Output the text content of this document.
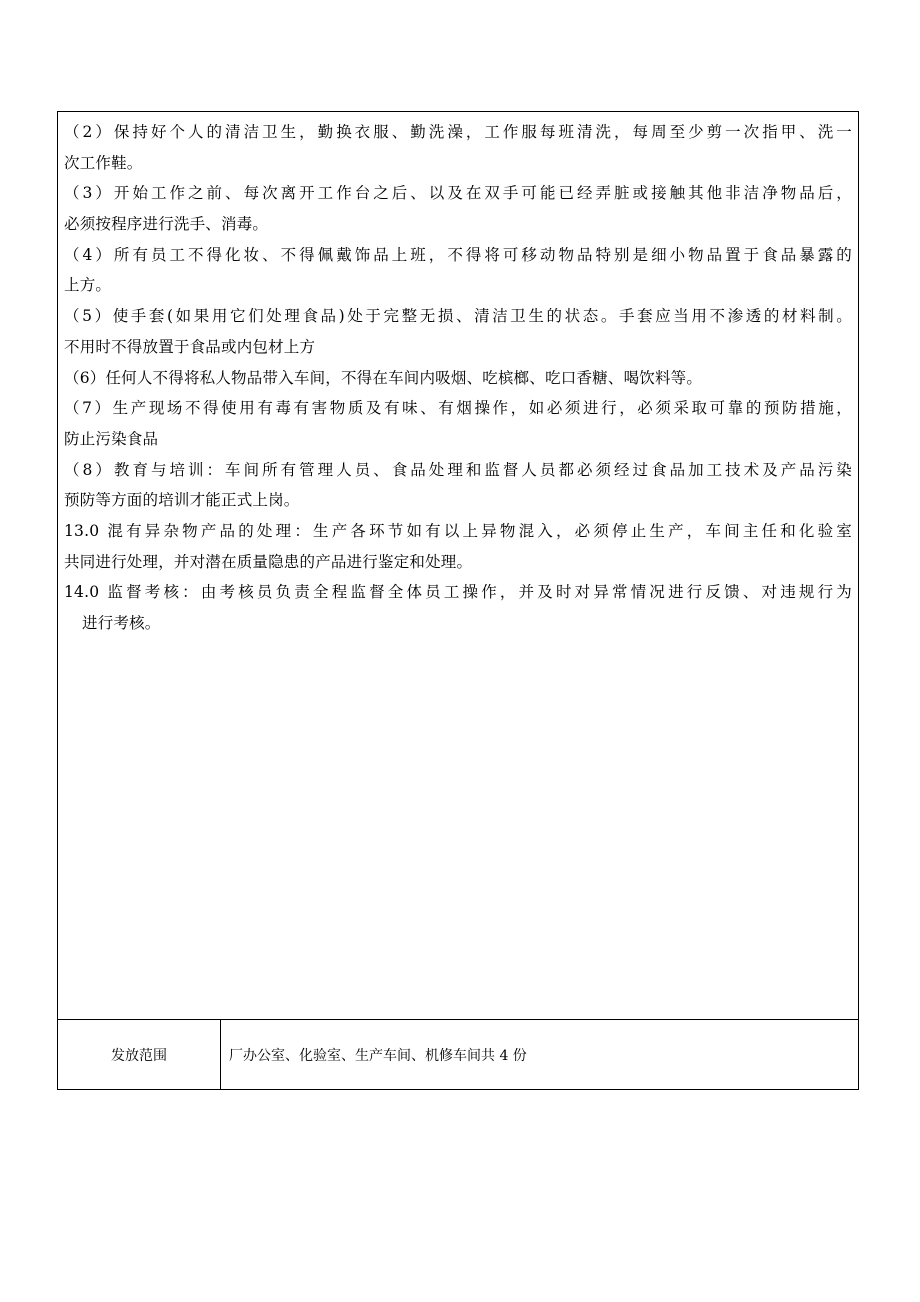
（2）保持好个人的清洁卫生，勤换衣服、勤洗澡，工作服每班清洗，每周至少剪一次指甲、洗一
次工作鞋。
（3）开始工作之前、每次离开工作台之后、以及在双手可能已经弄脏或接触其他非洁净物品后，
必须按程序进行洗手、消毒。
（4）所有员工不得化妆、不得佩戴饰品上班，不得将可移动物品特别是细小物品置于食品暴露的
上方。
（5）使手套(如果用它们处理食品)处于完整无损、清洁卫生的状态。手套应当用不渗透的材料制。
不用时不得放置于食品或内包材上方
（6）任何人不得将私人物品带入车间，不得在车间内吸烟、吃槟榔、吃口香糖、喝饮料等。
（7）生产现场不得使用有毒有害物质及有味、有烟操作，如必须进行，必须采取可靠的预防措施，
防止污染食品
（8）教育与培训：车间所有管理人员、食品处理和监督人员都必须经过食品加工技术及产品污染
预防等方面的培训才能正式上岗。
13.0 混有异杂物产品的处理：生产各环节如有以上异物混入，必须停止生产，车间主任和化验室
共同进行处理，并对潜在质量隐患的产品进行鉴定和处理。
14.0 监督考核：由考核员负责全程监督全体员工操作，并及时对异常情况进行反馈、对违规行为
进行考核。
发放范围	厂办公室、化验室、生产车间、机修车间共 4 份
